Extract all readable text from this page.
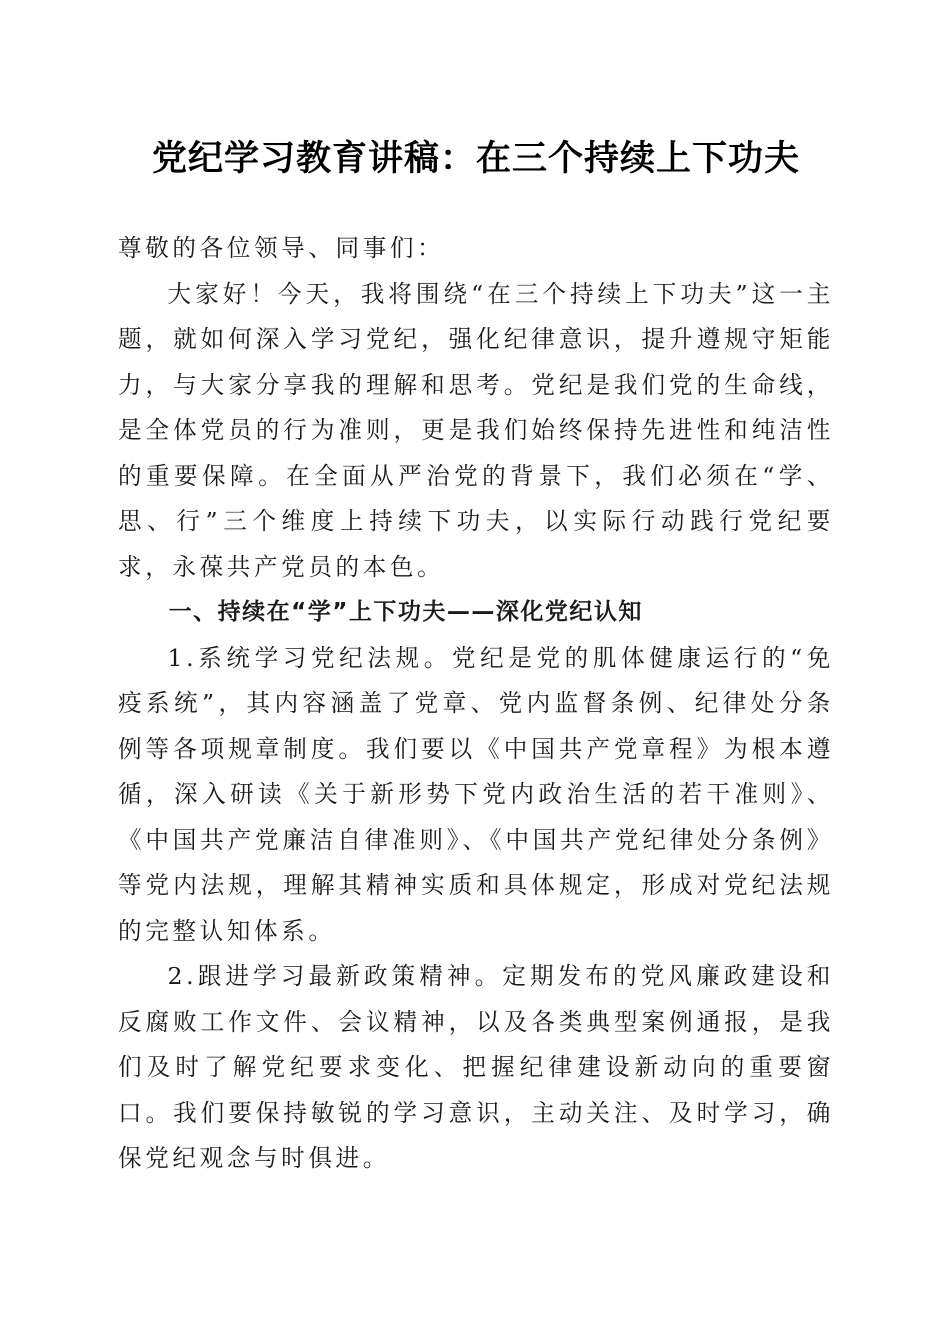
党纪学习教育讲稿：在三个持续上下功夫

尊敬的各位领导、同事们：

大家好！今天，我将围绕“在三个持续上下功夫”这一主题，就如何深入学习党纪，强化纪律意识，提升遵规守矩能力，与大家分享我的理解和思考。党纪是我们党的生命线，是全体党员的行为准则，更是我们始终保持先进性和纯洁性的重要保障。在全面从严治党的背景下，我们必须在“学、思、行”三个维度上持续下功夫，以实际行动践行党纪要求，永葆共产党员的本色。

一、持续在“学”上下功夫——深化党纪认知

1.系统学习党纪法规。党纪是党的肌体健康运行的“免疫系统”，其内容涵盖了党章、党内监督条例、纪律处分条例等各项规章制度。我们要以《中国共产党章程》为根本遵循，深入研读《关于新形势下党内政治生活的若干准则》、《中国共产党廉洁自律准则》、《中国共产党纪律处分条例》等党内法规，理解其精神实质和具体规定，形成对党纪法规的完整认知体系。

2.跟进学习最新政策精神。定期发布的党风廉政建设和反腐败工作文件、会议精神，以及各类典型案例通报，是我们及时了解党纪要求变化、把握纪律建设新动向的重要窗口。我们要保持敏锐的学习意识，主动关注、及时学习，确保党纪观念与时俱进。
